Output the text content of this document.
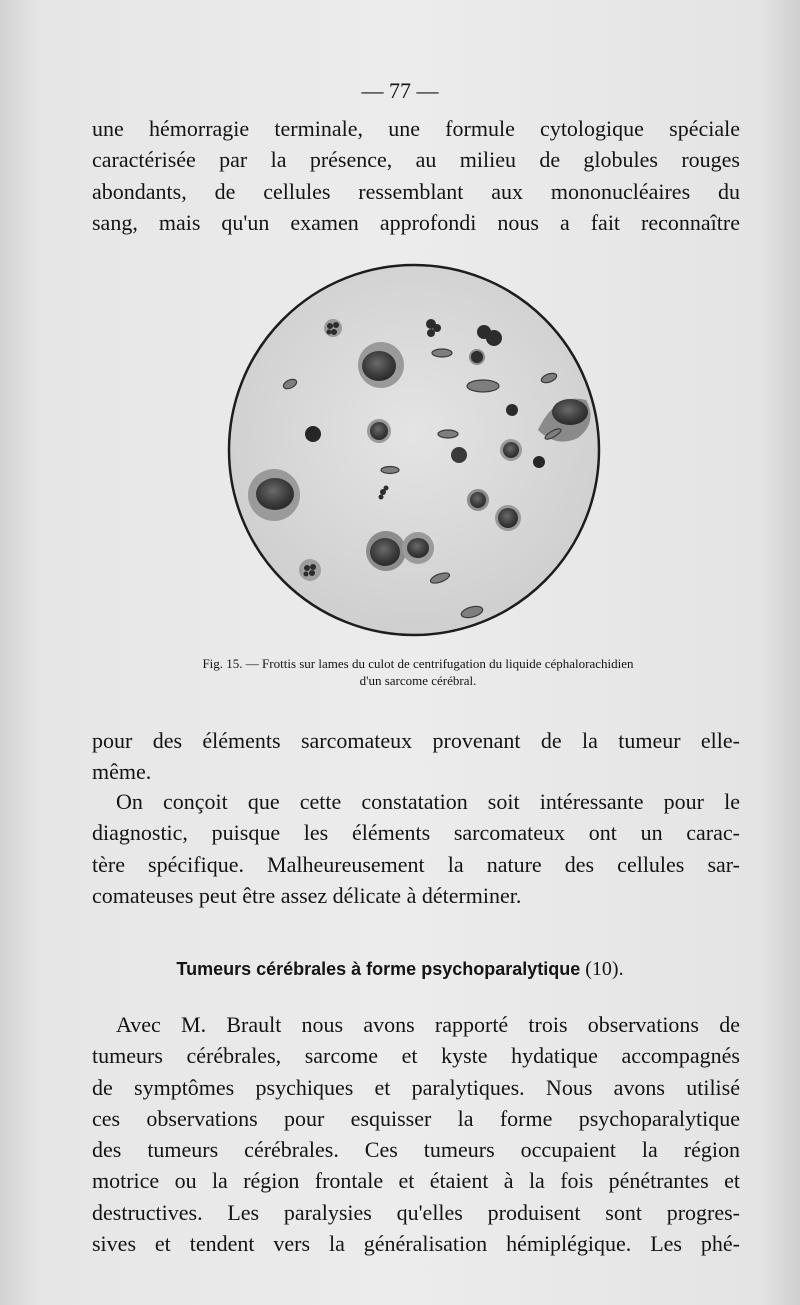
— 77 —

une hémorragie terminale, une formule cytologique spéciale
caractérisée par la présence, au milieu de globules rouges
abondants, de cellules ressemblant aux mononucléaires du
sang, mais qu'un examen approfondi nous a fait reconnaître

Fig. 15. — Frottis sur lames du culot de centrifugation du liquide céphalorachidien
d'un sarcome cérébral.

pour des éléments sarcomateux provenant de la tumeur elle-
même.

On conçoit que cette constatation soit intéressante pour le
diagnostic, puisque les éléments sarcomateux ont un carac-
tère spécifique. Malheureusement la nature des cellules sar-
comateuses peut être assez délicate à déterminer.

Tumeurs cérébrales à forme psychoparalytique (10).

Avec M. Brault nous avons rapporté trois observations de
tumeurs cérébrales, sarcome et kyste hydatique accompagnés
de symptômes psychiques et paralytiques. Nous avons utilisé
ces observations pour esquisser la forme psychoparalytique
des tumeurs cérébrales. Ces tumeurs occupaient la région
motrice ou la région frontale et étaient à la fois pénétrantes et
destructives. Les paralysies qu'elles produisent sont progres-
sives et tendent vers la généralisation hémiplégique. Les phé-
